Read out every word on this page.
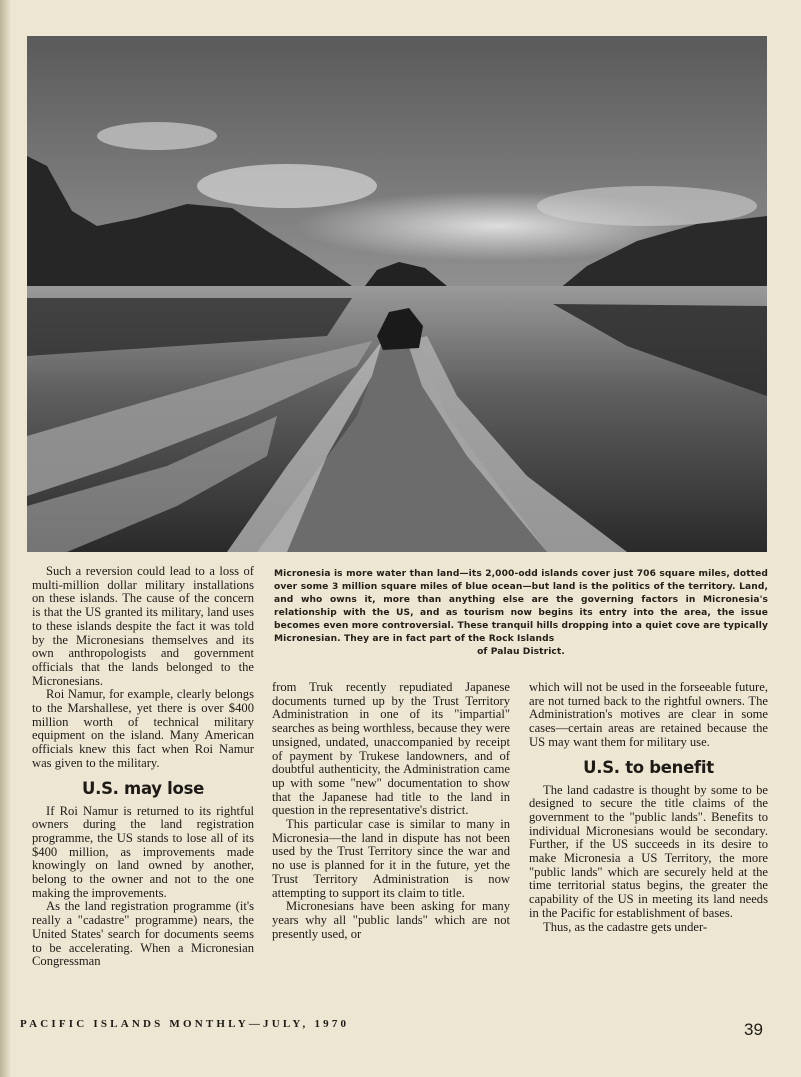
Micronesia is more water than land—its 2,000-odd islands cover just 706 square miles, dotted over some 3 million square miles of blue ocean—but land is the politics of the territory. Land, and who owns it, more than anything else are the governing factors in Micronesia's relationship with the US, and as tourism now begins its entry into the area, the issue becomes even more controversial. These tranquil hills dropping into a quiet cove are typically Micronesian. They are in fact part of the Rock Islands
of Palau District.

Such a reversion could lead to a loss of multi-million dollar military installations on these islands. The cause of the concern is that the US granted its military, land uses to these islands despite the fact it was told by the Micronesians themselves and its own anthropologists and government officials that the lands belonged to the Micronesians.

Roi Namur, for example, clearly belongs to the Marshallese, yet there is over $400 million worth of technical military equipment on the island. Many American officials knew this fact when Roi Namur was given to the military.

U.S. may lose

If Roi Namur is returned to its rightful owners during the land registration programme, the US stands to lose all of its $400 million, as improvements made knowingly on land owned by another, belong to the owner and not to the one making the improvements.

As the land registration programme (it's really a "cadastre" programme) nears, the United States' search for documents seems to be accelerating. When a Micronesian Congressman

from Truk recently repudiated Japanese documents turned up by the Trust Territory Administration in one of its "impartial" searches as being worthless, because they were unsigned, undated, unaccompanied by receipt of payment by Trukese landowners, and of doubtful authenticity, the Administration came up with some "new" documentation to show that the Japanese had title to the land in question in the representative's district.

This particular case is similar to many in Micronesia—the land in dispute has not been used by the Trust Territory since the war and no use is planned for it in the future, yet the Trust Territory Administration is now attempting to support its claim to title.

Micronesians have been asking for many years why all "public lands" which are not presently used, or

which will not be used in the forseeable future, are not turned back to the rightful owners. The Administration's motives are clear in some cases—certain areas are retained because the US may want them for military use.

U.S. to benefit

The land cadastre is thought by some to be designed to secure the title claims of the government to the "public lands". Benefits to individual Micronesians would be secondary. Further, if the US succeeds in its desire to make Micronesia a US Territory, the more "public lands" which are securely held at the time territorial status begins, the greater the capability of the US in meeting its land needs in the Pacific for establishment of bases.

Thus, as the cadastre gets under-

PACIFIC ISLANDS MONTHLY—JULY, 1970	39
